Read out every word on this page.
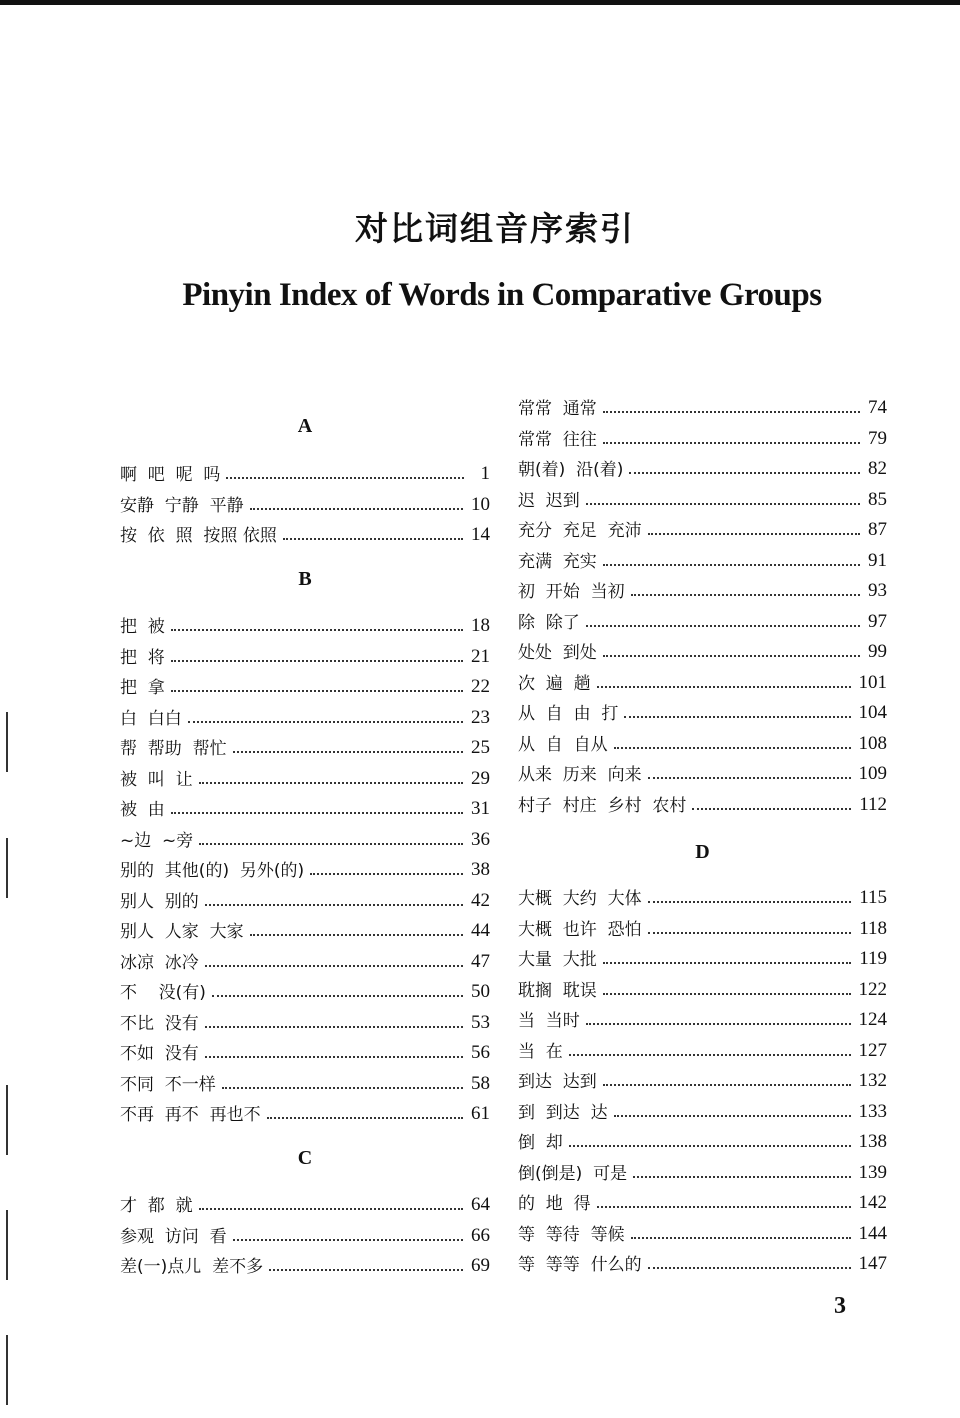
对比词组音序索引
Pinyin Index of Words in Comparative Groups
A
啊  吧  呢  吗	1
安静  宁静  平静	10
按  依  照  按照 依照	14
B
把  被	18
把  将	21
把  拿	22
白  白白	23
帮  帮助  帮忙	25
被  叫  让	29
被  由	31
~边  ~旁	36
别的  其他(的)  另外(的)	38
别人  别的	42
别人  人家  大家	44
冰凉  冰冷	47
不    没(有)	50
不比  没有	53
不如  没有	56
不同  不一样	58
不再  再不  再也不	61
C
才  都  就	64
参观  访问  看	66
差(一)点儿  差不多	69
常常  通常	74
常常  往往	79
朝(着)  沿(着)	82
迟  迟到	85
充分  充足  充沛	87
充满  充实	91
初  开始  当初	93
除  除了	97
处处  到处	99
次  遍  趟	101
从  自  由  打	104
从  自  自从	108
从来  历来  向来	109
村子  村庄  乡村  农村	112
D
大概  大约  大体	115
大概  也许  恐怕	118
大量  大批	119
耽搁  耽误	122
当  当时	124
当  在	127
到达  达到	132
到  到达  达	133
倒  却	138
倒(倒是)  可是	139
的  地  得	142
等  等待  等候	144
等  等等  什么的	147
3
